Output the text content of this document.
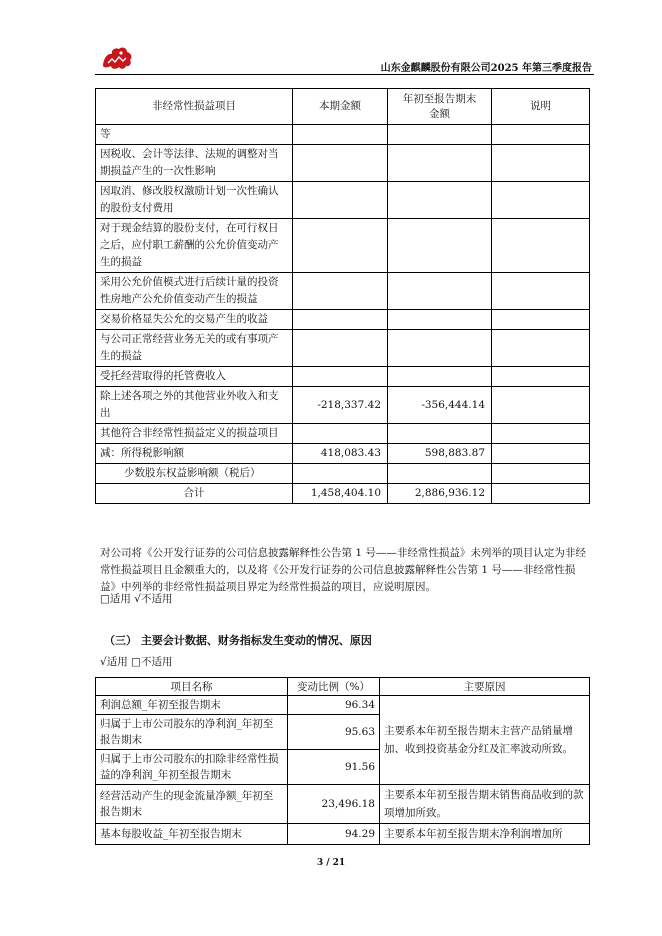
山东金麒麟股份有限公司2025 年第三季度报告
非经常性损益项目	本期金额	年初至报告期末
金额	说明
等			
因税收、会计等法律、法规的调整对当期损益产生的一次性影响			
因取消、修改股权激励计划一次性确认的股份支付费用			
对于现金结算的股份支付，在可行权日之后，应付职工薪酬的公允价值变动产生的损益			
采用公允价值模式进行后续计量的投资性房地产公允价值变动产生的损益			
交易价格显失公允的交易产生的收益			
与公司正常经营业务无关的或有事项产生的损益			
受托经营取得的托管费收入			
除上述各项之外的其他营业外收入和支出	-218,337.42	-356,444.14	
其他符合非经常性损益定义的损益项目			
减：所得税影响额	418,083.43	598,883.87	
少数股东权益影响额（税后）			
合计	1,458,404.10	2,886,936.12	
对公司将《公开发行证券的公司信息披露解释性公告第 1 号——非经常性损益》未列举的项目认定为非经常性损益项目且金额重大的，以及将《公开发行证券的公司信息披露解释性公告第 1 号——非经常性损益》中列举的非经常性损益项目界定为经常性损益的项目，应说明原因。
□适用 √不适用
（三） 主要会计数据、财务指标发生变动的情况、原因
√适用 □不适用
项目名称	变动比例（%）	主要原因
利润总额_年初至报告期末	96.34	主要系本年初至报告期末主营产品销量增加、收到投资基金分红及汇率波动所致。
归属于上市公司股东的净利润_年初至报告期末	95.63	
归属于上市公司股东的扣除非经常性损益的净利润_年初至报告期末	91.56	
经营活动产生的现金流量净额_年初至报告期末	23,496.18	主要系本年初至报告期末销售商品收到的款项增加所致。
基本每股收益_年初至报告期末	94.29	主要系本年初至报告期末净利润增加所
3 / 21
